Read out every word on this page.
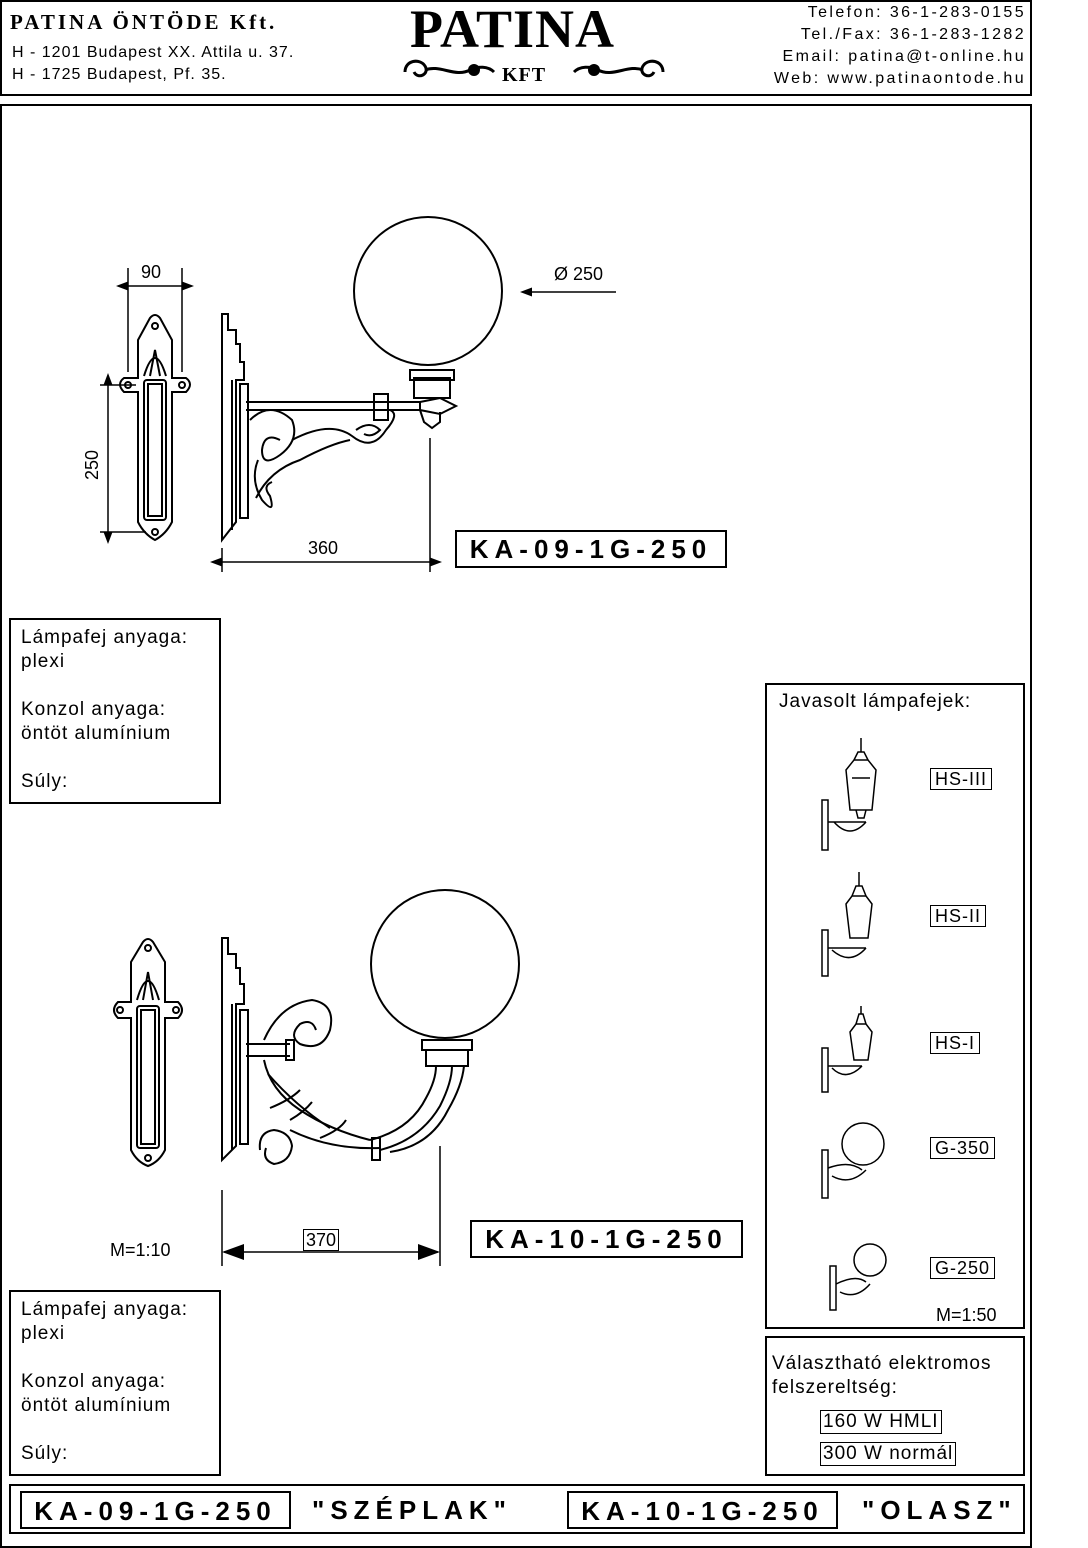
PATINA ÖNTÖDE Kft.
H - 1201 Budapest XX. Attila u. 37.
H - 1725 Budapest, Pf. 35.
PATINA
KFT
Telefon: 36-1-283-0155
Tel./Fax: 36-1-283-1282
Email: patina@t-online.hu
Web: www.patinaontode.hu
90
250
Ø 250
360
370
M=1:10
KA-09-1G-250
KA-10-1G-250
Lámpafej anyaga:
plexi
Konzol anyaga:
öntöt alumínium
Súly:
Lámpafej anyaga:
plexi
Konzol anyaga:
öntöt alumínium
Súly:
Javasolt lámpafejek:
HS-III
HS-II
HS-I
G-350
G-250
M=1:50
Választható elektromos
felszereltség:
160 W HMLI
300 W normál
KA-09-1G-250	"SZÉPLAK"	KA-10-1G-250	"OLASZ"
